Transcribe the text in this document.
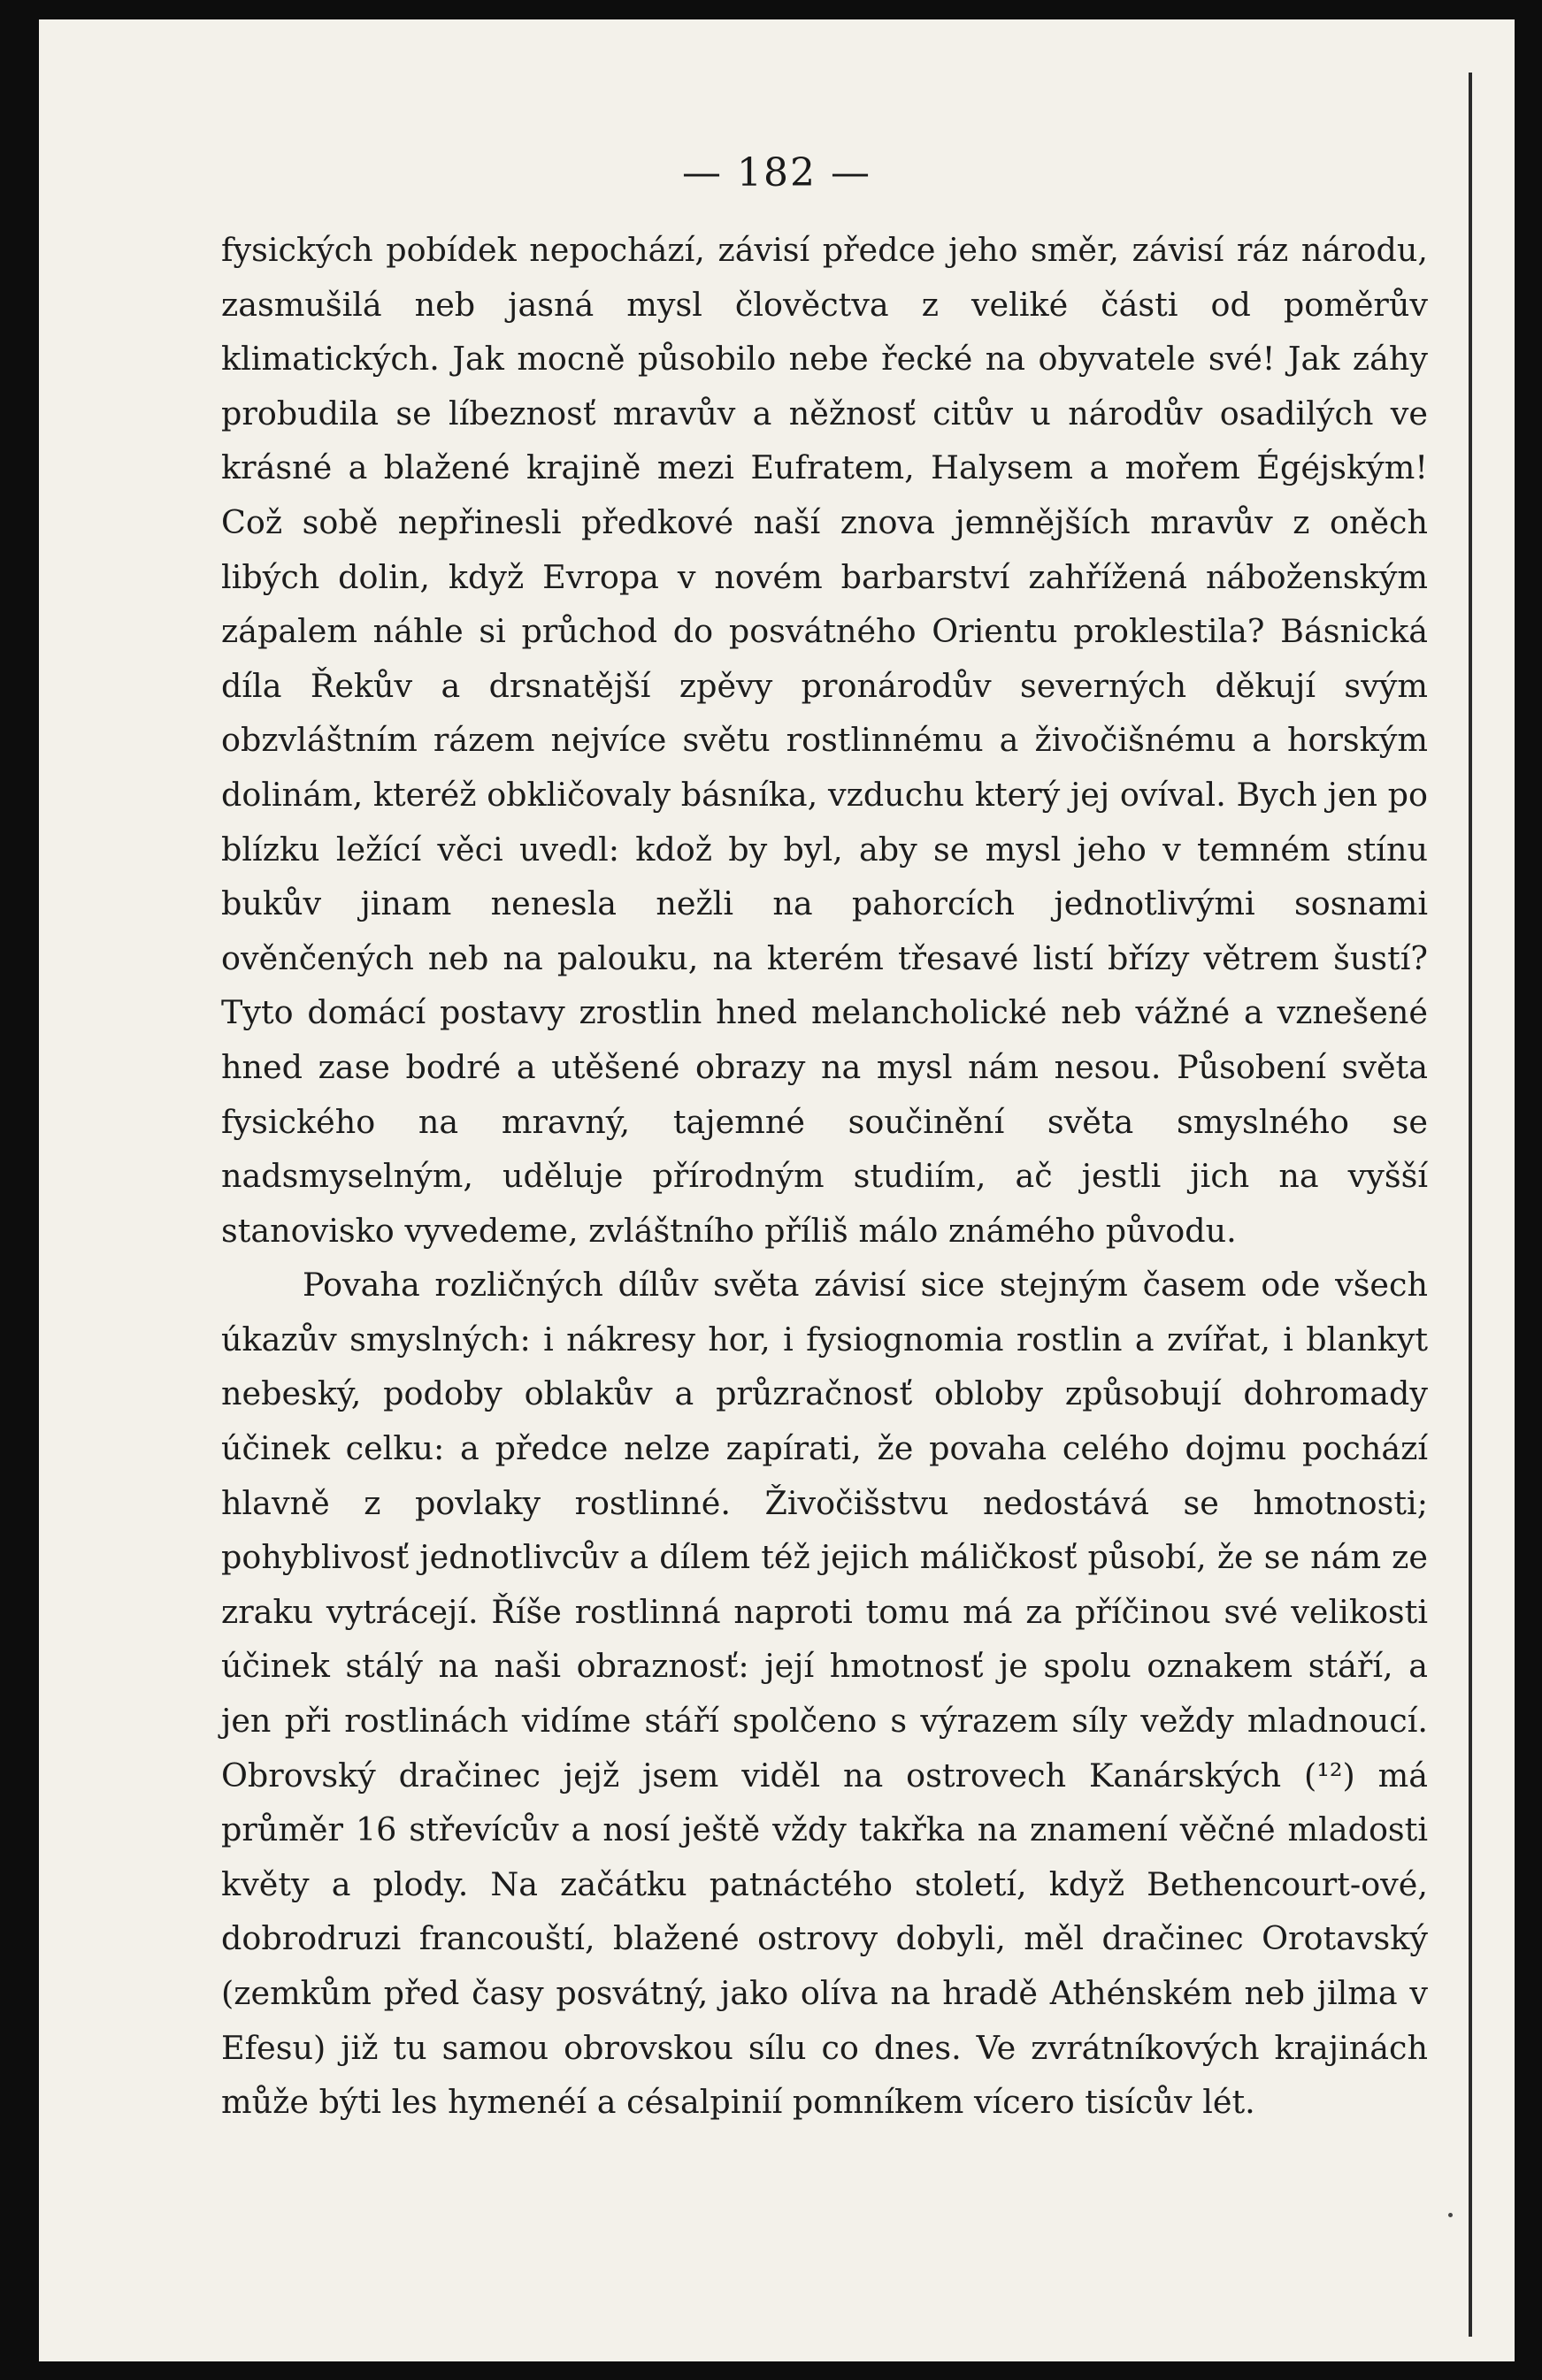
— 182 —

fysických pobídek nepochází, závisí předce jeho směr, závisí ráz národu, zasmušilá neb jasná mysl člověctva z veliké části od poměrův klimatických. Jak mocně působilo nebe řecké na obyvatele své! Jak záhy probudila se líbeznosť mravův a něžnosť citův u národův osadilých ve krásné a blažené krajině mezi Eufratem, Halysem a mořem Égéjským! Což sobě nepřinesli předkové naší znova jemnějších mravův z oněch libých dolin, když Evropa v novém barbarství zahřížená náboženským zápalem náhle si průchod do posvátného Orientu proklestila? Básnická díla Řekův a drsnatější zpěvy pronárodův severných děkují svým obzvláštním rázem nejvíce světu rostlinnému a živočišnému a horským dolinám, kteréž obkličovaly básníka, vzduchu který jej ovíval. Bych jen po blízku ležící věci uvedl: kdož by byl, aby se mysl jeho v temném stínu bukův jinam nenesla nežli na pahorcích jednotlivými sosnami ověnčených neb na palouku, na kterém třesavé listí břízy větrem šustí? Tyto domácí postavy zrostlin hned melancholické neb vážné a vznešené hned zase bodré a utěšené obrazy na mysl nám nesou. Působení světa fysického na mravný, tajemné součinění světa smyslného se nadsmyselným, uděluje přírodným studiím, ač jestli jich na vyšší stanovisko vyvedeme, zvláštního příliš málo známého původu.

Povaha rozličných dílův světa závisí sice stejným časem ode všech úkazův smyslných: i nákresy hor, i fysiognomia rostlin a zvířat, i blankyt nebeský, podoby oblakův a průzračnosť obloby způsobují dohromady účinek celku: a předce nelze zapírati, že povaha celého dojmu pochází hlavně z povlaky rostlinné. Živočišstvu nedostává se hmotnosti; pohyblivosť jednotlivcův a dílem též jejich máličkosť působí, že se nám ze zraku vytrácejí. Říše rostlinná naproti tomu má za příčinou své velikosti účinek stálý na naši obraznosť: její hmotnosť je spolu oznakem stáří, a jen při rostlinách vidíme stáří spolčeno s výrazem síly veždy mladnoucí. Obrovský dračinec jejž jsem viděl na ostrovech Kanárských (¹²) má průměr 16 střevícův a nosí ještě vždy takřka na znamení věčné mladosti květy a plody. Na začátku patnáctého století, když Bethencourt-ové, dobrodruzi francouští, blažené ostrovy dobyli, měl dračinec Orotavský (zemkům před časy posvátný, jako olíva na hradě Athénském neb jilma v Efesu) již tu samou obrovskou sílu co dnes. Ve zvrátníkových krajinách může býti les hymenéí a césalpinií pomníkem vícero tisícův lét.
